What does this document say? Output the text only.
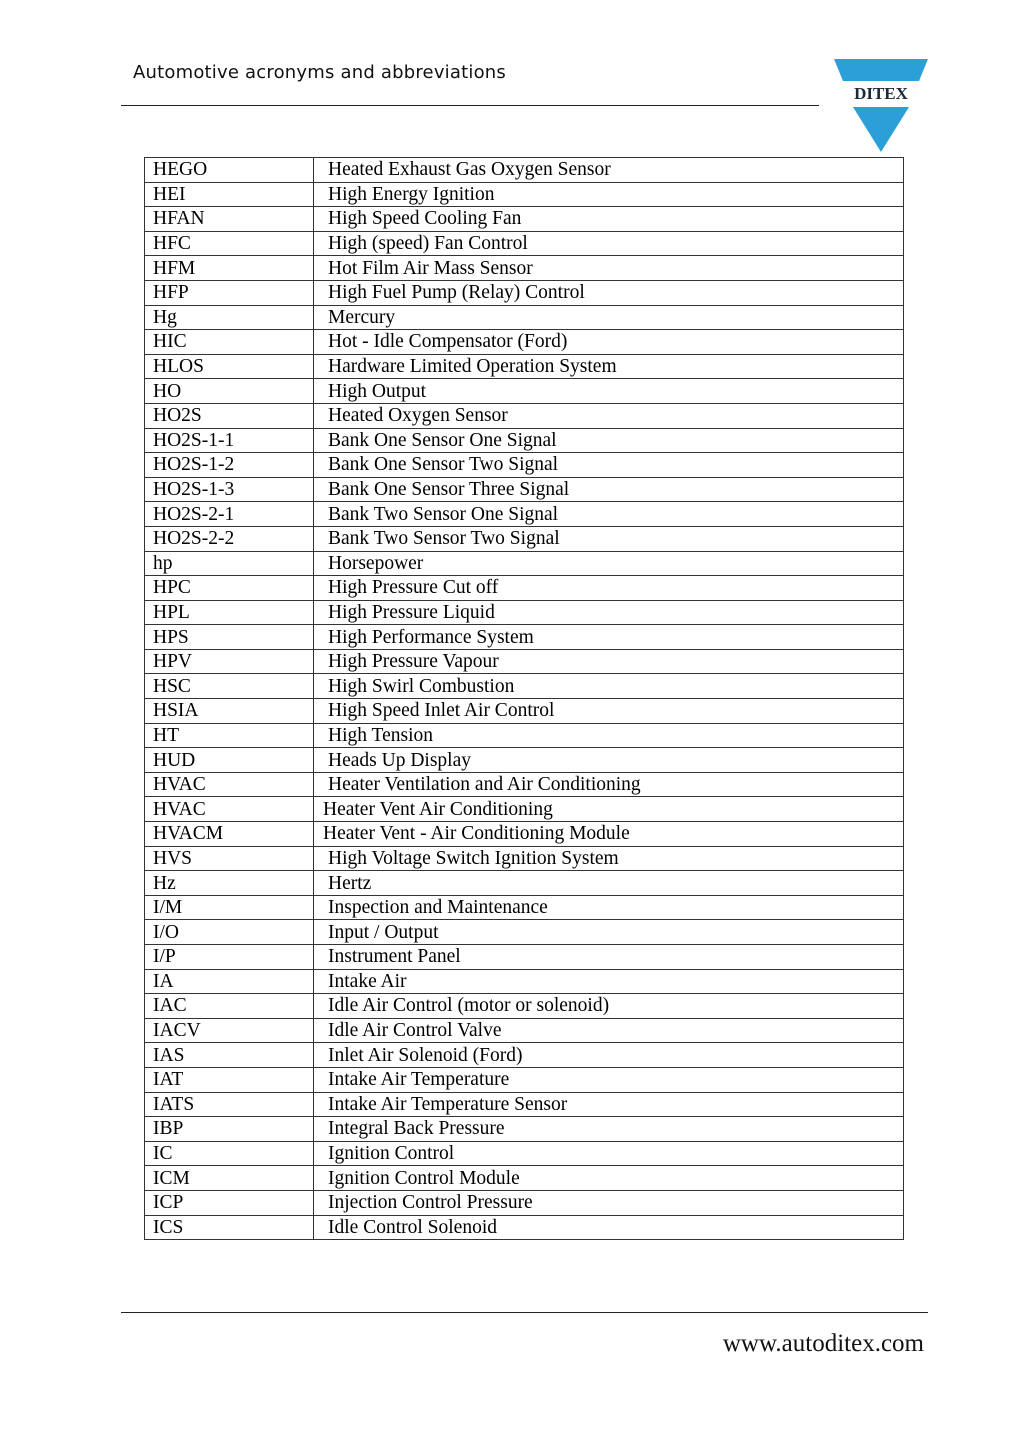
Automotive acronyms and abbreviations
DITEX
HEGO	Heated Exhaust Gas Oxygen Sensor
HEI	High Energy Ignition
HFAN	High Speed Cooling Fan
HFC	High (speed) Fan Control
HFM	Hot Film Air Mass Sensor
HFP	High Fuel Pump (Relay) Control
Hg	Mercury
HIC	Hot - Idle Compensator (Ford)
HLOS	Hardware Limited Operation System
HO	High Output
HO2S	Heated Oxygen Sensor
HO2S-1-1	Bank One Sensor One Signal
HO2S-1-2	Bank One Sensor Two Signal
HO2S-1-3	Bank One Sensor Three Signal
HO2S-2-1	Bank Two Sensor One Signal
HO2S-2-2	Bank Two Sensor Two Signal
hp	Horsepower
HPC	High Pressure Cut off
HPL	High Pressure Liquid
HPS	High Performance System
HPV	High Pressure Vapour
HSC	High Swirl Combustion
HSIA	High Speed Inlet Air Control
HT	High Tension
HUD	Heads Up Display
HVAC	Heater Ventilation and Air Conditioning
HVAC	Heater Vent Air Conditioning
HVACM	Heater Vent - Air Conditioning Module
HVS	High Voltage Switch Ignition System
Hz	Hertz
I/M	Inspection and Maintenance
I/O	Input / Output
I/P	Instrument Panel
IA	Intake Air
IAC	Idle Air Control (motor or solenoid)
IACV	Idle Air Control Valve
IAS	Inlet Air Solenoid (Ford)
IAT	Intake Air Temperature
IATS	Intake Air Temperature Sensor
IBP	Integral Back Pressure
IC	Ignition Control
ICM	Ignition Control Module
ICP	Injection Control Pressure
ICS	Idle Control Solenoid
www.autoditex.com
